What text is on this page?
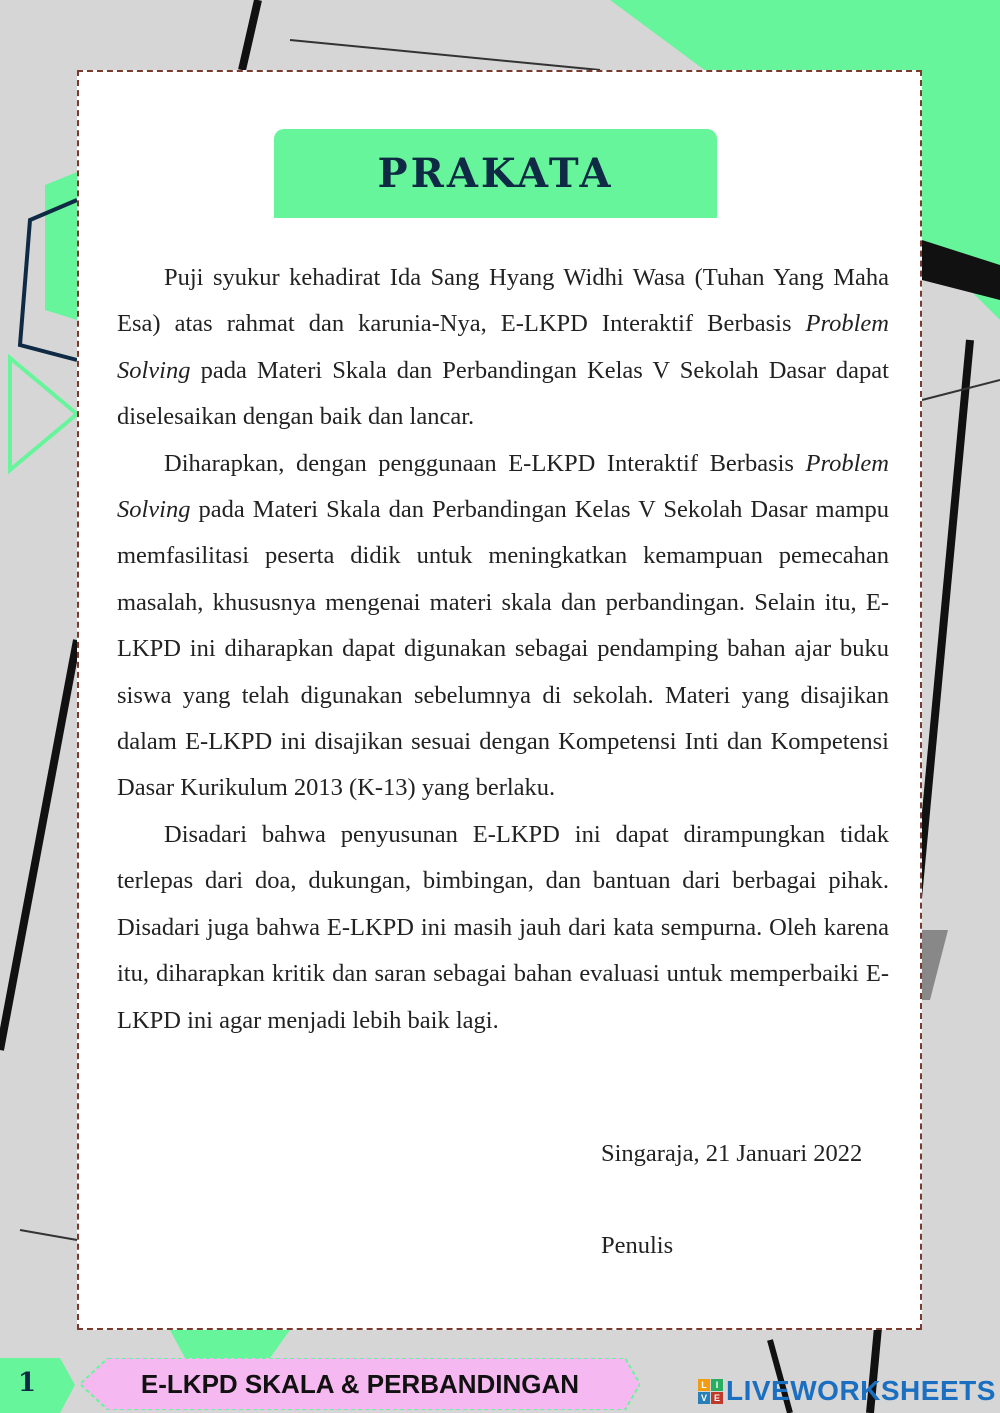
PRAKATA

Puji syukur kehadirat Ida Sang Hyang Widhi Wasa (Tuhan Yang Maha Esa) atas rahmat dan karunia-Nya, E-LKPD Interaktif Berbasis Problem Solving pada Materi Skala dan Perbandingan Kelas V Sekolah Dasar dapat diselesaikan dengan baik dan lancar.

Diharapkan, dengan penggunaan E-LKPD Interaktif Berbasis Problem Solving pada Materi Skala dan Perbandingan Kelas V Sekolah Dasar mampu memfasilitasi peserta didik untuk meningkatkan kemampuan pemecahan masalah, khususnya mengenai materi skala dan perbandingan. Selain itu, E-LKPD ini diharapkan dapat digunakan sebagai pendamping bahan ajar buku siswa yang telah digunakan sebelumnya di sekolah. Materi yang disajikan dalam E-LKPD ini disajikan sesuai dengan Kompetensi Inti dan Kompetensi Dasar Kurikulum 2013 (K-13) yang berlaku.

Disadari bahwa penyusunan E-LKPD ini dapat dirampungkan tidak terlepas dari doa, dukungan, bimbingan, dan bantuan dari berbagai pihak. Disadari juga bahwa E-LKPD ini masih jauh dari kata sempurna. Oleh karena itu, diharapkan kritik dan saran sebagai bahan evaluasi untuk memperbaiki E-LKPD ini agar menjadi lebih baik lagi.

Singaraja, 21 Januari 2022
Penulis
1	E-LKPD SKALA & PERBANDINGAN	L I
V E LIVEWORKSHEETS
